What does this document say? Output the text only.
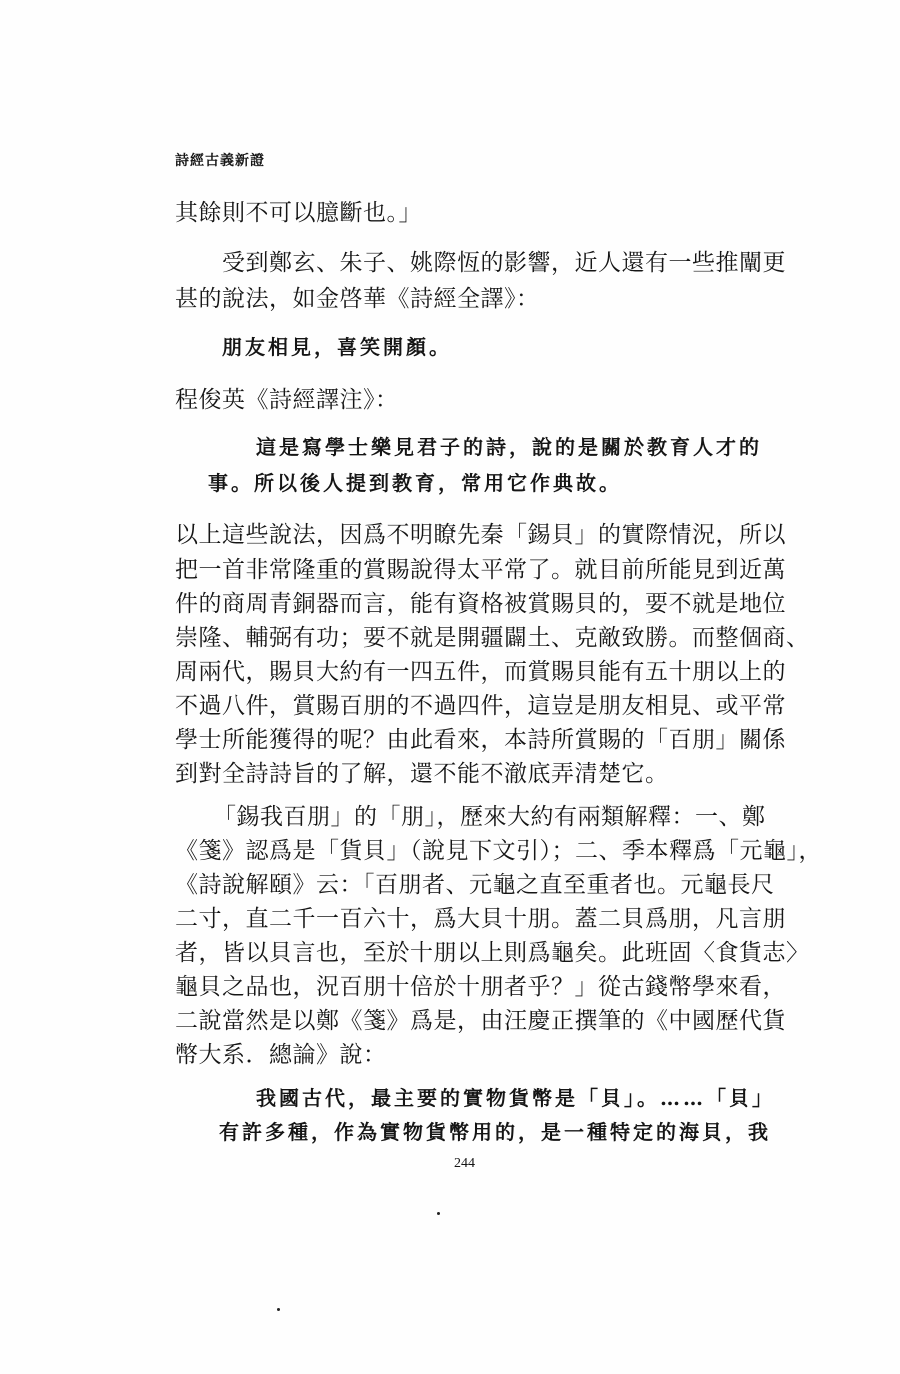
詩經古義新證
其餘則不可以臆斷也。」
受到鄭玄、朱子、姚際恆的影響，近人還有一些推闡更
甚的說法，如金啓華《詩經全譯》：
朋友相見，喜笑開顏。
程俊英《詩經譯注》：
這是寫學士樂見君子的詩，說的是關於教育人才的
事。所以後人提到教育，常用它作典故。
以上這些說法，因爲不明瞭先秦「錫貝」的實際情況，所以
把一首非常隆重的賞賜說得太平常了。就目前所能見到近萬
件的商周青銅器而言，能有資格被賞賜貝的，要不就是地位
崇隆、輔弼有功；要不就是開疆闢土、克敵致勝。而整個商、
周兩代，賜貝大約有一四五件，而賞賜貝能有五十朋以上的
不過八件，賞賜百朋的不過四件，這豈是朋友相見、或平常
學士所能獲得的呢？由此看來，本詩所賞賜的「百朋」關係
到對全詩詩旨的了解，還不能不澈底弄清楚它。
「錫我百朋」的「朋」，歷來大約有兩類解釋：一、鄭
《箋》認爲是「貨貝」（說見下文引）；二、季本釋爲「元龜」，
《詩說解頤》云：「百朋者、元龜之直至重者也。元龜長尺
二寸，直二千一百六十，爲大貝十朋。蓋二貝爲朋，凡言朋
者，皆以貝言也，至於十朋以上則爲龜矣。此班固〈食貨志〉
龜貝之品也，況百朋十倍於十朋者乎？」從古錢幣學來看，
二說當然是以鄭《箋》爲是，由汪慶正撰筆的《中國歷代貨
幣大系．總論》說：
我國古代，最主要的實物貨幣是「貝」。……「貝」
有許多種，作為實物貨幣用的，是一種特定的海貝，我
244
